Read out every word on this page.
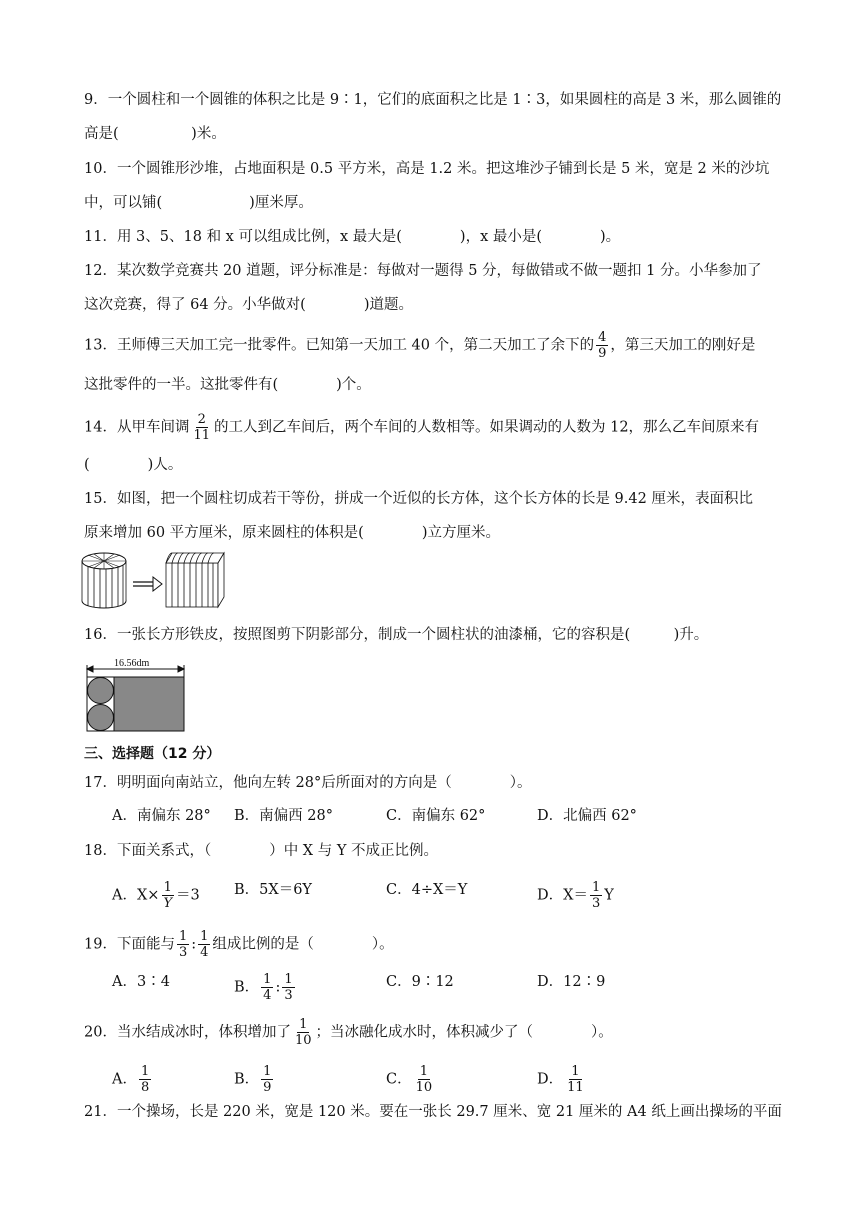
9．一个圆柱和一个圆锥的体积之比是 9∶1，它们的底面积之比是 1∶3，如果圆柱的高是 3 米，那么圆锥的
高是(　　　　　)米。
10．一个圆锥形沙堆，占地面积是 0.5 平方米，高是 1.2 米。把这堆沙子铺到长是 5 米，宽是 2 米的沙坑
中，可以铺(　　　　　　)厘米厚。
11．用 3、5、18 和 x 可以组成比例，x 最大是(　　　　)，x 最小是(　　　　)。
12．某次数学竞赛共 20 道题，评分标准是：每做对一题得 5 分，每做错或不做一题扣 1 分。小华参加了
这次竞赛，得了 64 分。小华做对(　　　　)道题。
13．王师傅三天加工完一批零件。已知第一天加工 40 个，第二天加工了余下的 $\frac{4}{9}$ ，第三天加工的刚好是
这批零件的一半。这批零件有(　　　　)个。
14．从甲车间调 $\frac{2}{11}$ 的工人到乙车间后，两个车间的人数相等。如果调动的人数为 12，那么乙车间原来有
(　　　　)人。
15．如图，把一个圆柱切成若干等份，拼成一个近似的长方体，这个长方体的长是 9.42 厘米，表面积比
原来增加 60 平方厘米，原来圆柱的体积是(　　　　)立方厘米。
16．一张长方形铁皮，按照图剪下阴影部分，制成一个圆柱状的油漆桶，它的容积是(　　　)升。
16.56dm
三、选择题（12 分）
17．明明面向南站立，他向左转 28°后所面对的方向是（　　　　）。
A．南偏东 28° B．南偏西 28°	C．南偏东 62°	D．北偏西 62°
18．下面关系式，（　　　　）中 X 与 Y 不成正比例。
A．$X\times \frac{1}{Y} =3$ B．5X＝6Y	C．4÷X＝Y	D．$X= \frac{1}{3}$ Y
19．下面能与 $\frac{1}{3}$ : $\frac{1}{4}$ 组成比例的是（　　　　）。
A．3∶4	B． $\frac{1}{4}$ : $\frac{1}{3}$	C．9∶12	D．12∶9
20．当水结成冰时，体积增加了 $\frac{1}{10}$ ；当冰融化成水时，体积减少了（　　　　）。
A． $\frac{1}{8}$	B． $\frac{1}{9}$	C． $\frac{1}{10}$	D． $\frac{1}{11}$
21．一个操场，长是 220 米，宽是 120 米。要在一张长 29.7 厘米、宽 21 厘米的 A4 纸上画出操场的平面
